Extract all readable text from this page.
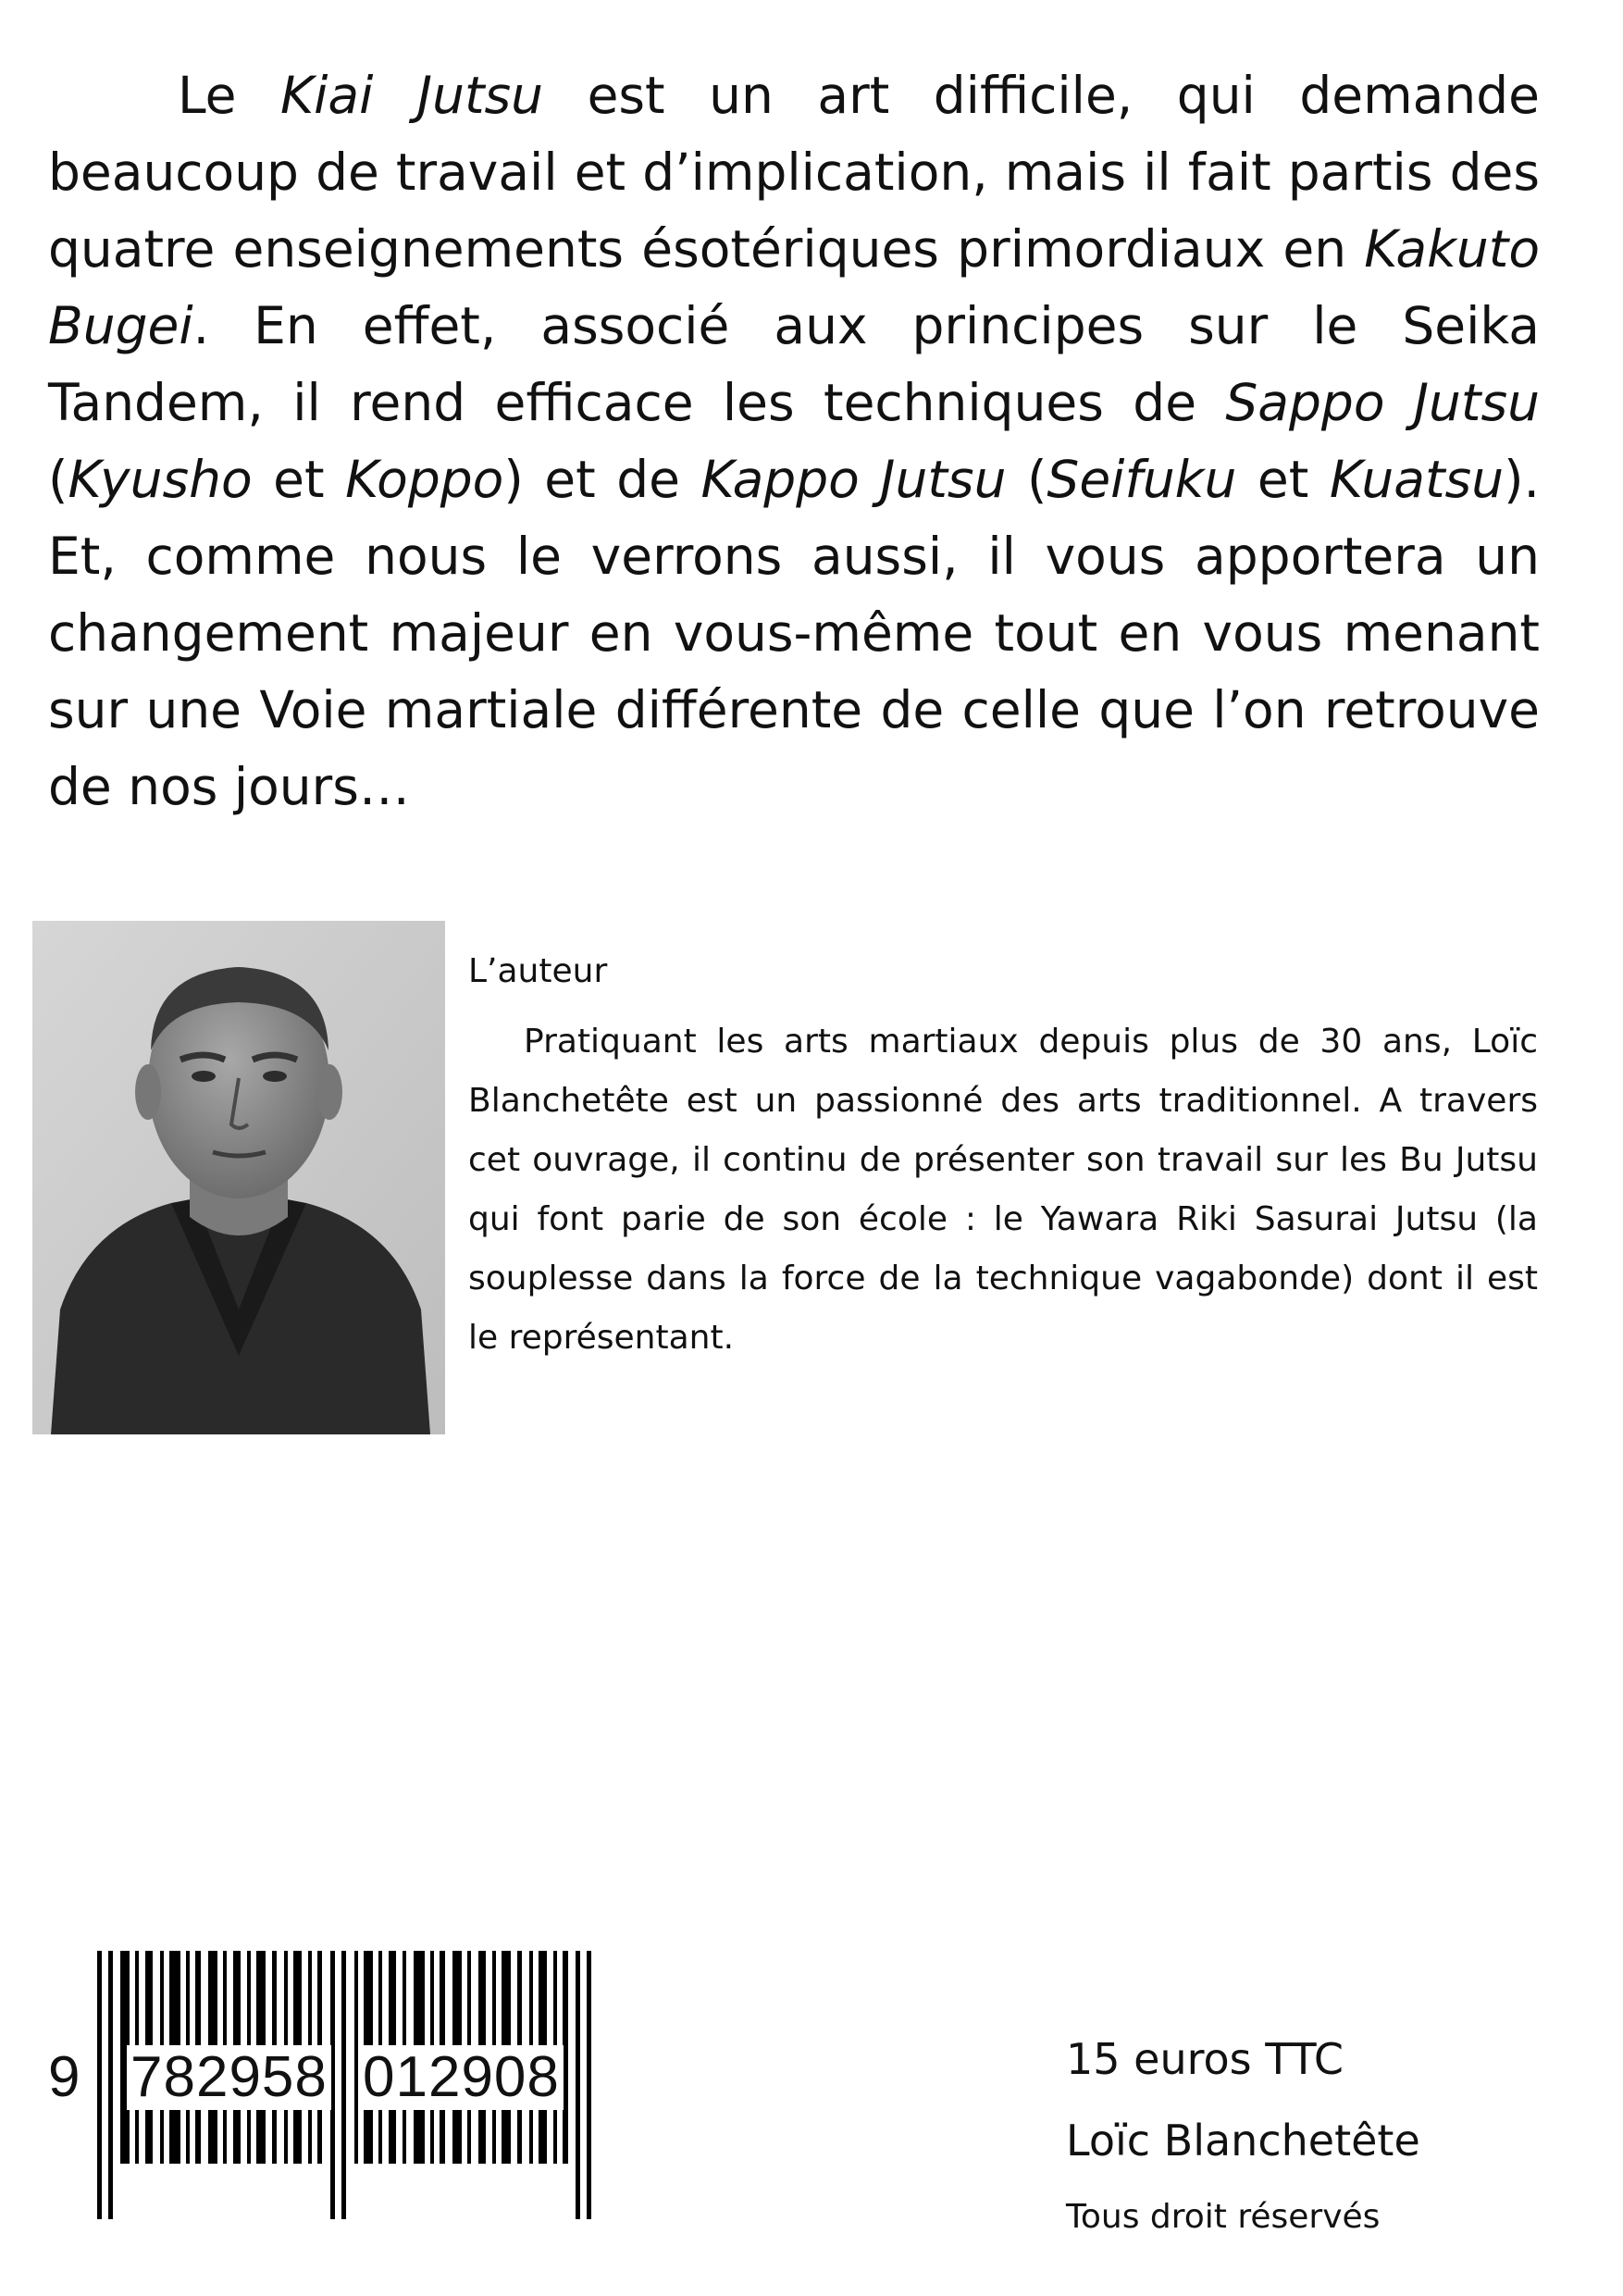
Le Kiai Jutsu est un art difficile, qui demande beaucoup de travail et d’implication, mais il fait partis des quatre enseignements ésotériques primordiaux en Kakuto Bugei. En effet, associé aux principes sur le Seika Tandem, il rend efficace les techniques de Sappo Jutsu (Kyusho et Koppo) et de Kappo Jutsu (Seifuku et Kuatsu). Et, comme nous le verrons aussi, il vous apportera un changement majeur en vous-même tout en vous menant sur une Voie martiale différente de celle que l’on retrouve de nos jours…

L’auteur

Pratiquant les arts martiaux depuis plus de 30 ans, Loïc Blanchetête est un passionné des arts traditionnel. A travers cet ouvrage, il continu de présenter son travail sur les Bu Jutsu qui font parie de son école : le Yawara Riki Sasurai Jutsu (la souplesse dans la force de la technique vagabonde) dont il est le représentant.

9 782958 012908	15 euros TTC

Loïc Blanchetête

Tous droit réservés
